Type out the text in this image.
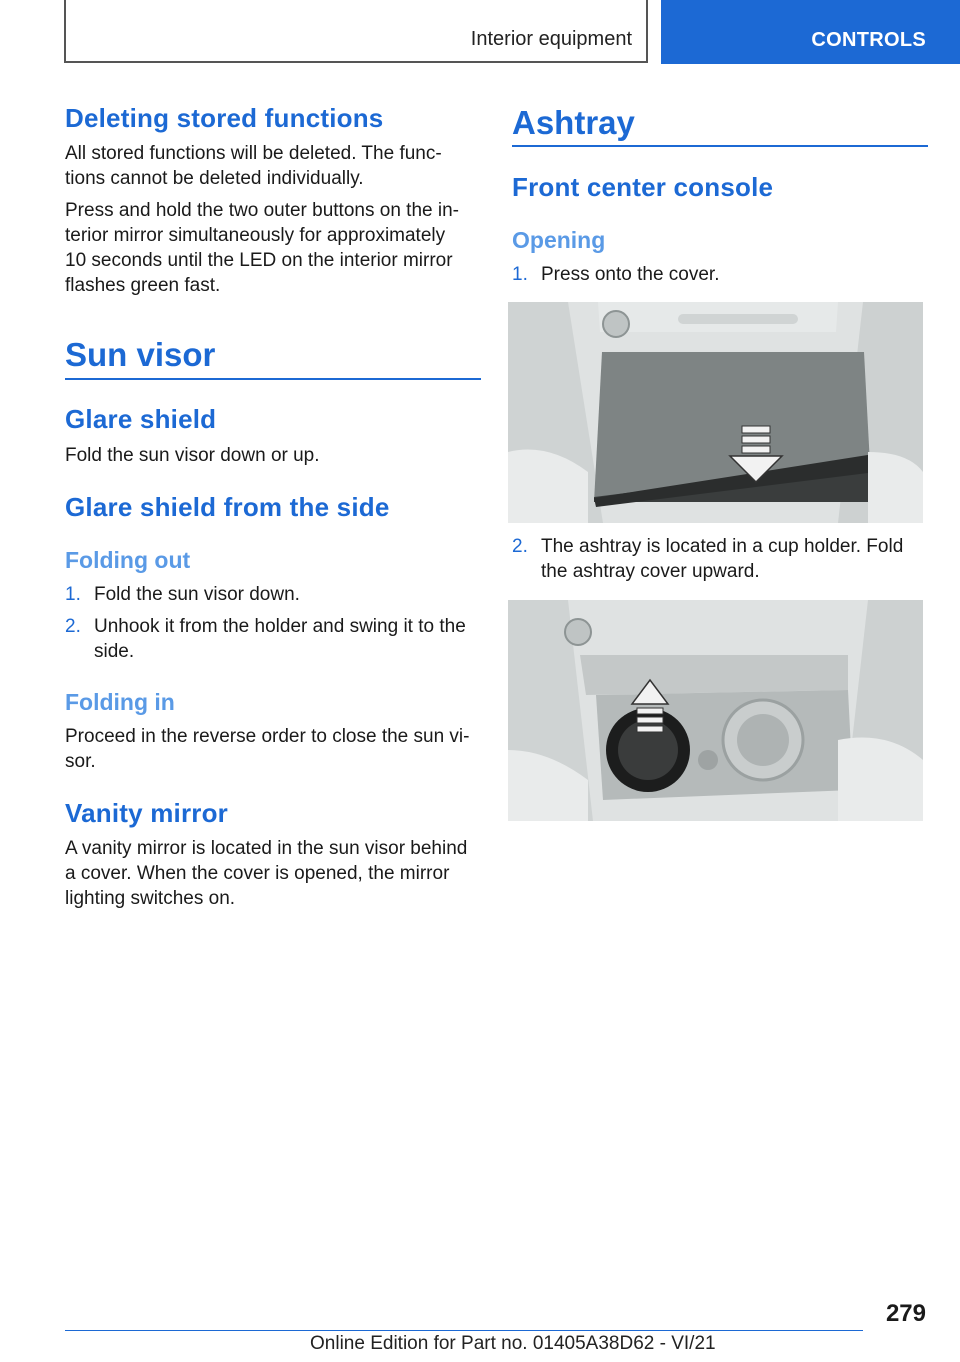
Interior equipment	CONTROLS
Deleting stored functions
All stored functions will be deleted. The func‐
tions cannot be deleted individually.
Press and hold the two outer buttons on the in‐
terior mirror simultaneously for approximately
10 seconds until the LED on the interior mirror
flashes green fast.
Sun visor
Glare shield
Fold the sun visor down or up.
Glare shield from the side
Folding out
1. Fold the sun visor down.
2. Unhook it from the holder and swing it to the
side.
Folding in
Proceed in the reverse order to close the sun vi‐
sor.
Vanity mirror
A vanity mirror is located in the sun visor behind
a cover. When the cover is opened, the mirror
lighting switches on.
Ashtray
Front center console
Opening
1. Press onto the cover.
2. The ashtray is located in a cup holder. Fold
the ashtray cover upward.
279
Online Edition for Part no. 01405A38D62 - VI/21
